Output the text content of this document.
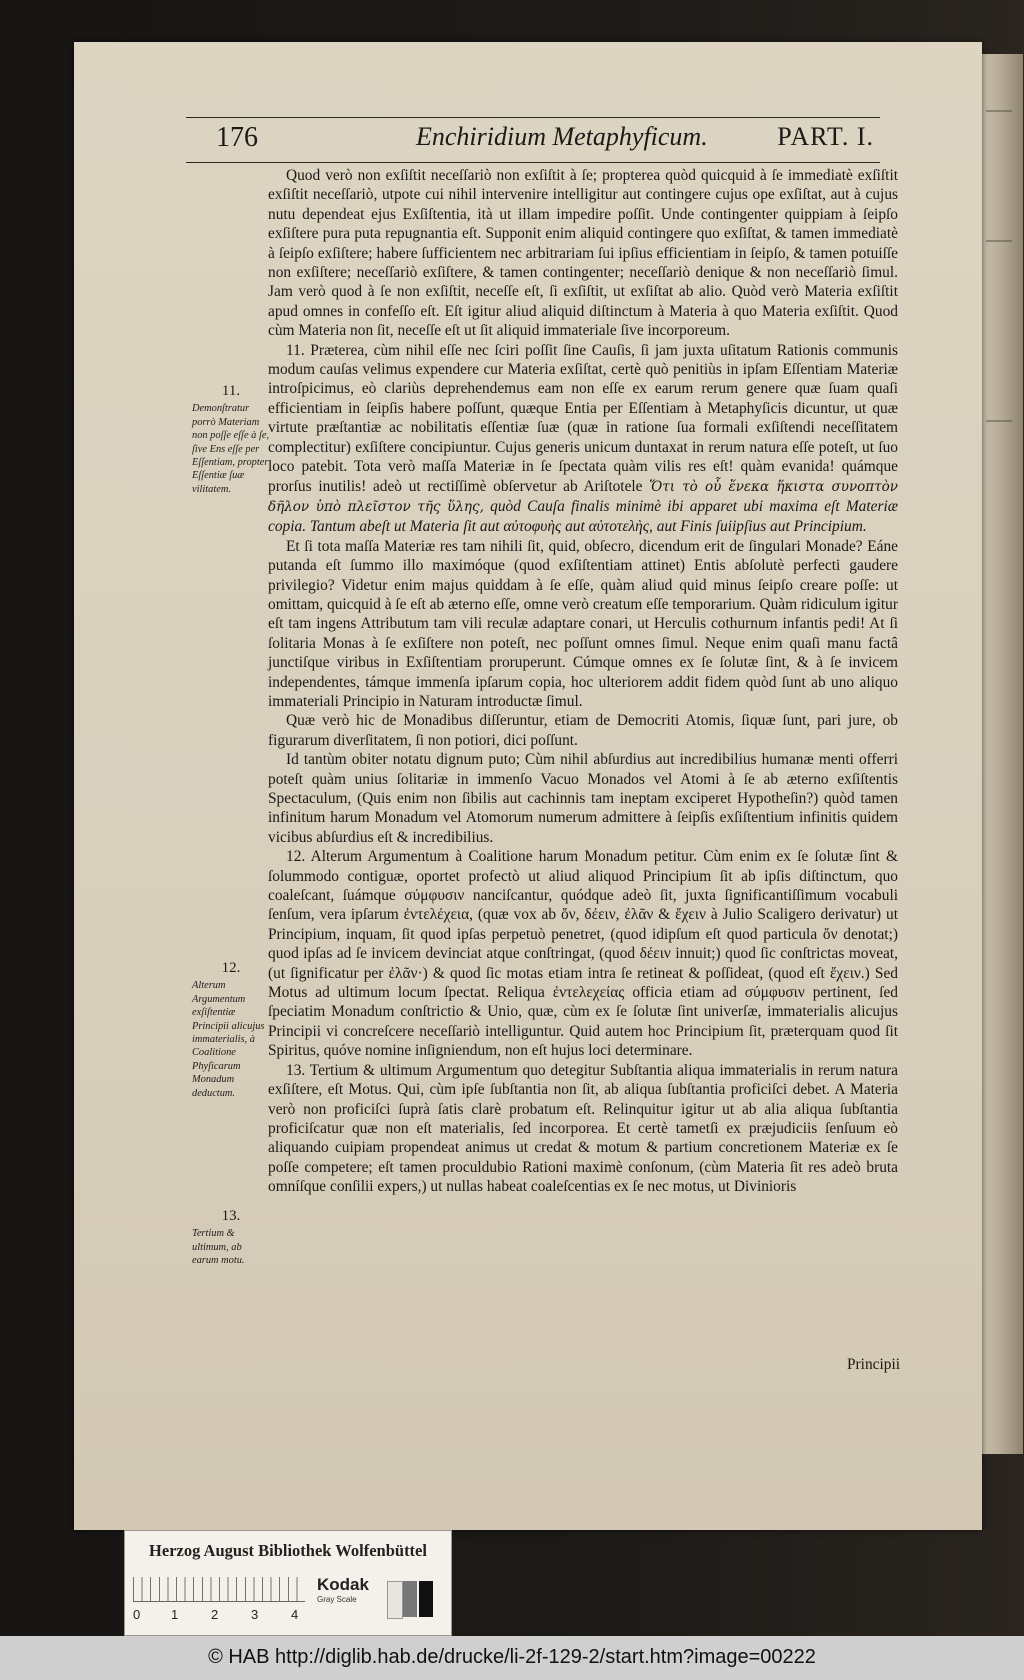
176	Enchiridium Metaphyficum.	PART. I.
11.
Demonſtratur porrò Materiam non poſſe eſſe à ſe, ſive Ens eſſe per Eſſentiam, propter Eſſentiæ ſuæ vilitatem.
12.
Alterum Argumentum exſiſtentiæ Principii alicujus immaterialis, à Coalitione Phyſicarum Monadum deductum.
13.
Tertium & ultimum, ab earum motu.

Quod verò non exſiſtit neceſſariò non exſiſtit à ſe; propterea quòd quicquid à ſe immediatè exſiſtit exſiſtit neceſſariò, utpote cui nihil intervenire intelligitur aut contingere cujus ope exſiſtat, aut à cujus nutu dependeat ejus Exſiſtentia, ità ut illam impedire poſſit. Unde contingenter quippiam à ſeipſo exſiſtere pura puta repugnantia eſt. Supponit enim aliquid contingere quo exſiſtat, & tamen immediatè à ſeipſo exſiſtere; habere ſufficientem nec arbitrariam ſui ipſius efficientiam in ſeipſo, & tamen potuiſſe non exſiſtere; neceſſariò exſiſtere, & tamen contingenter; neceſſariò denique & non neceſſariò ſimul. Jam verò quod à ſe non exſiſtit, neceſſe eſt, ſi exſiſtit, ut exſiſtat ab alio. Quòd verò Materia exſiſtit apud omnes in confeſſo eſt. Eſt igitur aliud aliquid diſtinctum à Materia à quo Materia exſiſtit. Quod cùm Materia non ſit, neceſſe eſt ut ſit aliquid immateriale ſive incorporeum.

11. Præterea, cùm nihil eſſe nec ſciri poſſit ſine Cauſis, ſi jam juxta uſitatum Rationis communis modum cauſas velimus expendere cur Materia exſiſtat, certè quò penitiùs in ipſam Eſſentiam Materiæ introſpicimus, eò clariùs deprehendemus eam non eſſe ex earum rerum genere quæ ſuam quaſi efficientiam in ſeipſis habere poſſunt, quæque Entia per Eſſentiam à Metaphyſicis dicuntur, ut quæ virtute præſtantiæ ac nobilitatis eſſentiæ ſuæ (quæ in ratione ſua formali exſiſtendi neceſſitatem complectitur) exſiſtere concipiuntur. Cujus generis unicum duntaxat in rerum natura eſſe poteſt, ut ſuo loco patebit. Tota verò maſſa Materiæ in ſe ſpectata quàm vilis res eſt! quàm evanida! quámque prorſus inutilis! adeò ut rectiſſimè obſervetur ab Ariſtotele Ὅτι τὸ οὗ ἕνεκα ἥκιστα συνοπτὸν δῆλον ὑπὸ πλεῖστον τῆς ὕλης, quòd Cauſa finalis minimè ibi apparet ubi maxima eſt Materiæ copia. Tantum abeſt ut Materia ſit aut αὐτοφυὴς aut αὐτοτελὴς, aut Finis ſuiipſius aut Principium.

Et ſi tota maſſa Materiæ res tam nihili ſit, quid, obſecro, dicendum erit de ſingulari Monade? Eáne putanda eſt ſummo illo maximóque (quod exſiſtentiam attinet) Entis abſolutè perfecti gaudere privilegio? Videtur enim majus quiddam à ſe eſſe, quàm aliud quid minus ſeipſo creare poſſe: ut omittam, quicquid à ſe eſt ab æterno eſſe, omne verò creatum eſſe temporarium. Quàm ridiculum igitur eſt tam ingens Attributum tam vili reculæ adaptare conari, ut Herculis cothurnum infantis pedi! At ſi ſolitaria Monas à ſe exſiſtere non poteſt, nec poſſunt omnes ſimul. Neque enim quaſi manu factâ junctiſque viribus in Exſiſtentiam proruperunt. Cúmque omnes ex ſe ſolutæ ſint, & à ſe invicem independentes, támque immenſa ipſarum copia, hoc ulteriorem addit fidem quòd ſunt ab uno aliquo immateriali Principio in Naturam introductæ ſimul.

Quæ verò hic de Monadibus diſſeruntur, etiam de Democriti Atomis, ſiquæ ſunt, pari jure, ob figurarum diverſitatem, ſi non potiori, dici poſſunt.

Id tantùm obiter notatu dignum puto; Cùm nihil abſurdius aut incredibilius humanæ menti offerri poteſt quàm unius ſolitariæ in immenſo Vacuo Monados vel Atomi à ſe ab æterno exſiſtentis Spectaculum, (Quis enim non ſibilis aut cachinnis tam ineptam exciperet Hypotheſin?) quòd tamen infinitum harum Monadum vel Atomorum numerum admittere à ſeipſis exſiſtentium infinitis quidem vicibus abſurdius eſt & incredibilius.

12. Alterum Argumentum à Coalitione harum Monadum petitur. Cùm enim ex ſe ſolutæ ſint & ſolummodo contiguæ, oportet profectò ut aliud aliquod Principium ſit ab ipſis diſtinctum, quo coaleſcant, ſuámque σύμφυσιν nanciſcantur, quódque adeò ſit, juxta ſignificantiſſimum vocabuli ſenſum, vera ipſarum ἐντελέχεια, (quæ vox ab ὄν, δέειν, ἐλᾶν & ἔχειν à Julio Scaligero derivatur) ut Principium, inquam, ſit quod ipſas perpetuò penetret, (quod idipſum eſt quod particula ὄν denotat;) quod ipſas ad ſe invicem devinciat atque conſtringat, (quod δέειν innuit;) quod ſic conſtrictas moveat, (ut ſignificatur per ἐλᾶν·) & quod ſic motas etiam intra ſe retineat & poſſideat, (quod eſt ἔχειν.) Sed Motus ad ultimum locum ſpectat. Reliqua ἐντελεχείας officia etiam ad σύμφυσιν pertinent, ſed ſpeciatim Monadum conſtrictio & Unio, quæ, cùm ex ſe ſolutæ ſint univerſæ, immaterialis alicujus Principii vi concreſcere neceſſariò intelliguntur. Quid autem hoc Principium ſit, præterquam quod ſit Spiritus, quóve nomine inſigniendum, non eſt hujus loci determinare.

13. Tertium & ultimum Argumentum quo detegitur Subſtantia aliqua immaterialis in rerum natura exſiſtere, eſt Motus. Qui, cùm ipſe ſubſtantia non ſit, ab aliqua ſubſtantia proficiſci debet. A Materia verò non proficiſci ſuprà ſatis clarè probatum eſt. Relinquitur igitur ut ab alia aliqua ſubſtantia proficiſcatur quæ non eſt materialis, ſed incorporea. Et certè tametſi ex præjudiciis ſenſuum eò aliquando cuipiam propendeat animus ut credat & motum & partium concretionem Materiæ ex ſe poſſe competere; eſt tamen proculdubio Rationi maximè conſonum, (cùm Materia ſit res adeò bruta omníſque conſilii expers,) ut nullas habeat coaleſcentias ex ſe nec motus, ut Divinioris

Principii
Herzog August Bibliothek Wolfenbüttel
0 1	2	3	4
Kodak
Gray Scale
© HAB http://diglib.hab.de/drucke/li-2f-129-2/start.htm?image=00222
